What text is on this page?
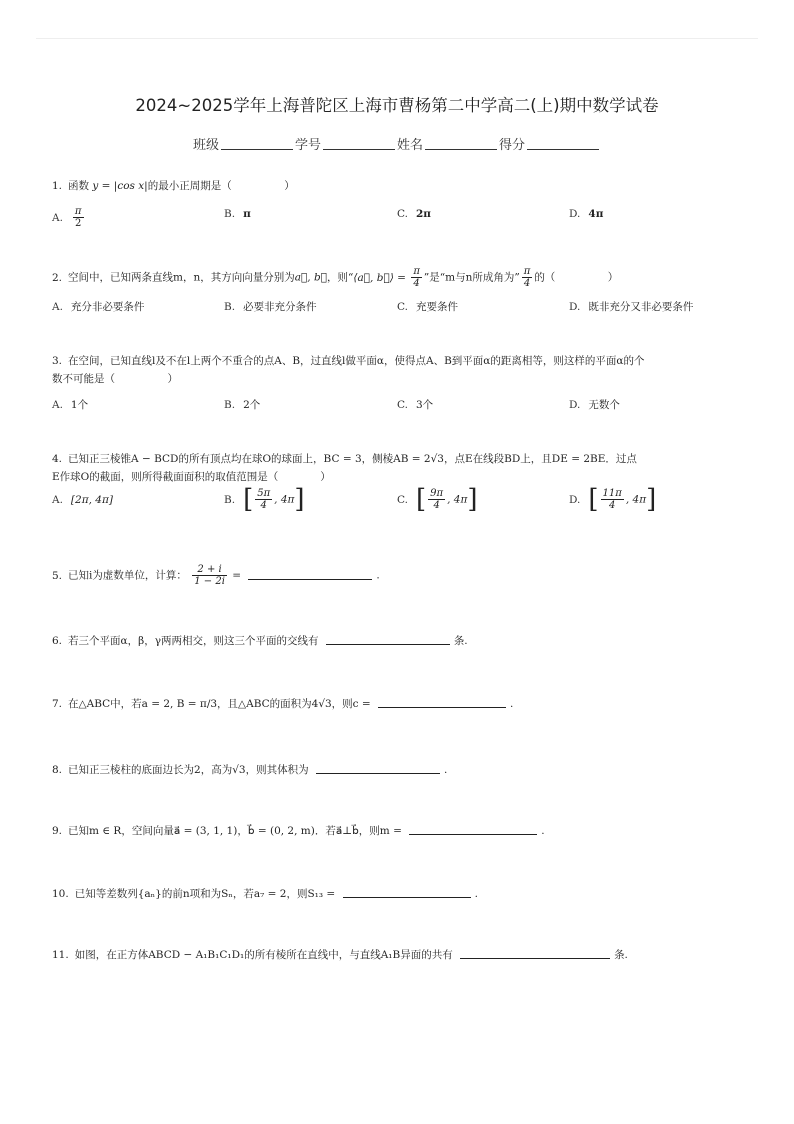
2024~2025学年上海普陀区上海市曹杨第二中学高二(上)期中数学试卷
班级	学号	姓名	得分
1. 函数 y = |cos x|的最小正周期是（　　　　　）
A. $\frac{\pi}{2}$	B. π	C. 2π	D. 4π
2. 空间中，已知两条直线m，n，其方向向量分别为a⃗, b⃗，则“⟨a⃗, b⃗⟩ = $\frac{\pi}{4}$ ”是“m与n所成角为” $\frac{\pi}{4}$ 的（　　　　　）
A. 充分非必要条件	B. 必要非充分条件	C. 充要条件	D. 既非充分又非必要条件
3. 在空间，已知直线l及不在l上两个不重合的点A、B，过直线l做平面α，使得点A、B到平面α的距离相等，则这样的平面α的个
数不可能是（　　　　　）
A. 1个	B. 2个	C. 3个	D. 无数个
4. 已知正三棱锥A − BCD的所有顶点均在球O的球面上，BC = 3，侧棱AB = 2√3，点E在线段BD上，且DE = 2BE．过点
E作球O的截面，则所得截面面积的取值范围是（　　　　）
A. [2π, 4π]	B. [ $\frac{5\pi}{4}$ , 4π]	C. [ $\frac{9\pi}{4}$ , 4π]	D. [ $\frac{11\pi}{4}$ , 4π]
5. 已知i为虚数单位，计算： $\frac{2 + i}{1 - 2i}$ =	.
6. 若三个平面α，β，γ两两相交，则这三个平面的交线有	条.
7. 在△ABC中，若a = 2, B = π/3，且△ABC的面积为4√3，则c =	.
8. 已知正三棱柱的底面边长为2，高为√3，则其体积为	.
9. 已知m ∈ R，空间向量a⃗ = (3, 1, 1)，b⃗ = (0, 2, m)．若a⃗⊥b⃗，则m =	.
10. 已知等差数列{aₙ}的前n项和为Sₙ，若a₇ = 2，则S₁₃ =	.
11. 如图，在正方体ABCD − A₁B₁C₁D₁的所有棱所在直线中，与直线A₁B异面的共有	条.
